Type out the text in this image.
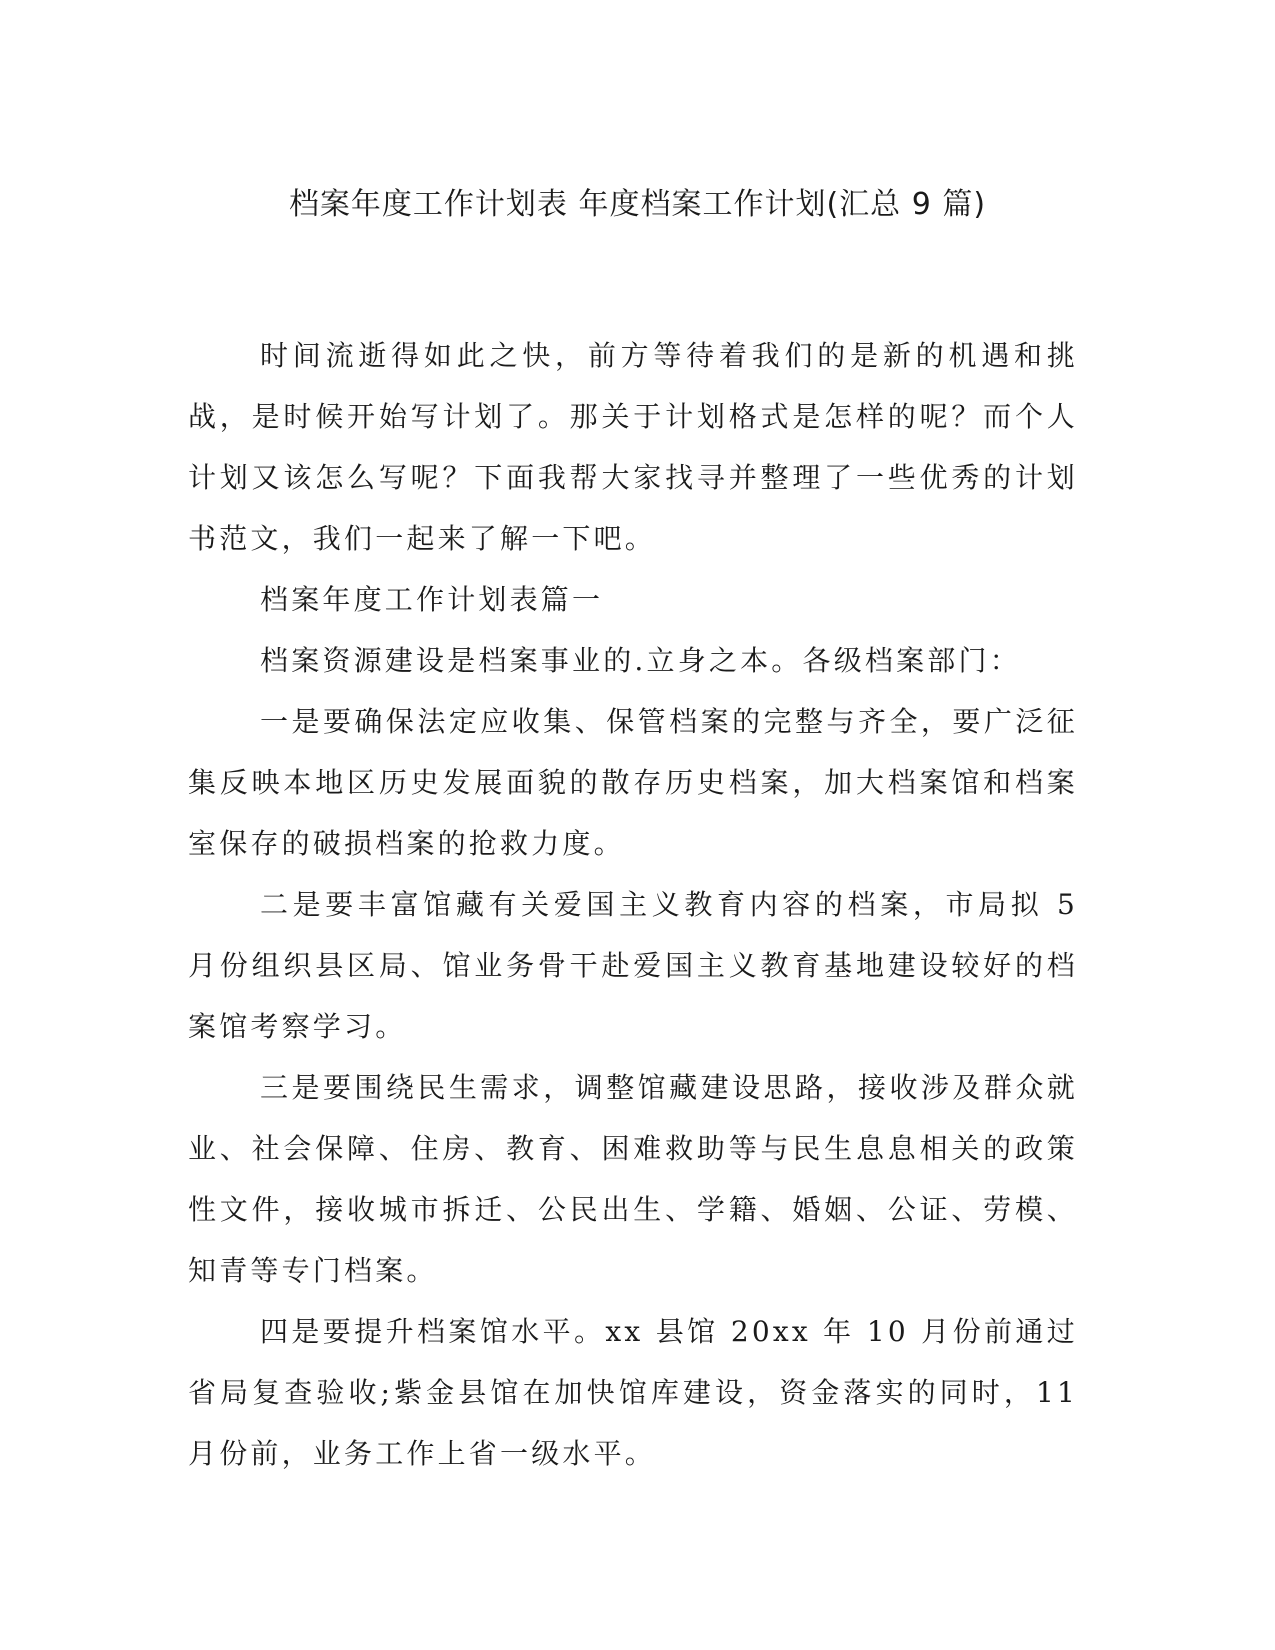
档案年度工作计划表 年度档案工作计划(汇总 9 篇)

时间流逝得如此之快，前方等待着我们的是新的机遇和挑战，是时候开始写计划了。那关于计划格式是怎样的呢？而个人计划又该怎么写呢？下面我帮大家找寻并整理了一些优秀的计划书范文，我们一起来了解一下吧。

档案年度工作计划表篇一

档案资源建设是档案事业的.立身之本。各级档案部门：

一是要确保法定应收集、保管档案的完整与齐全，要广泛征集反映本地区历史发展面貌的散存历史档案，加大档案馆和档案室保存的破损档案的抢救力度。

二是要丰富馆藏有关爱国主义教育内容的档案，市局拟 5 月份组织县区局、馆业务骨干赴爱国主义教育基地建设较好的档案馆考察学习。

三是要围绕民生需求，调整馆藏建设思路，接收涉及群众就业、社会保障、住房、教育、困难救助等与民生息息相关的政策性文件，接收城市拆迁、公民出生、学籍、婚姻、公证、劳模、知青等专门档案。

四是要提升档案馆水平。xx 县馆 20xx 年 10 月份前通过省局复查验收;紫金县馆在加快馆库建设，资金落实的同时，11 月份前，业务工作上省一级水平。
